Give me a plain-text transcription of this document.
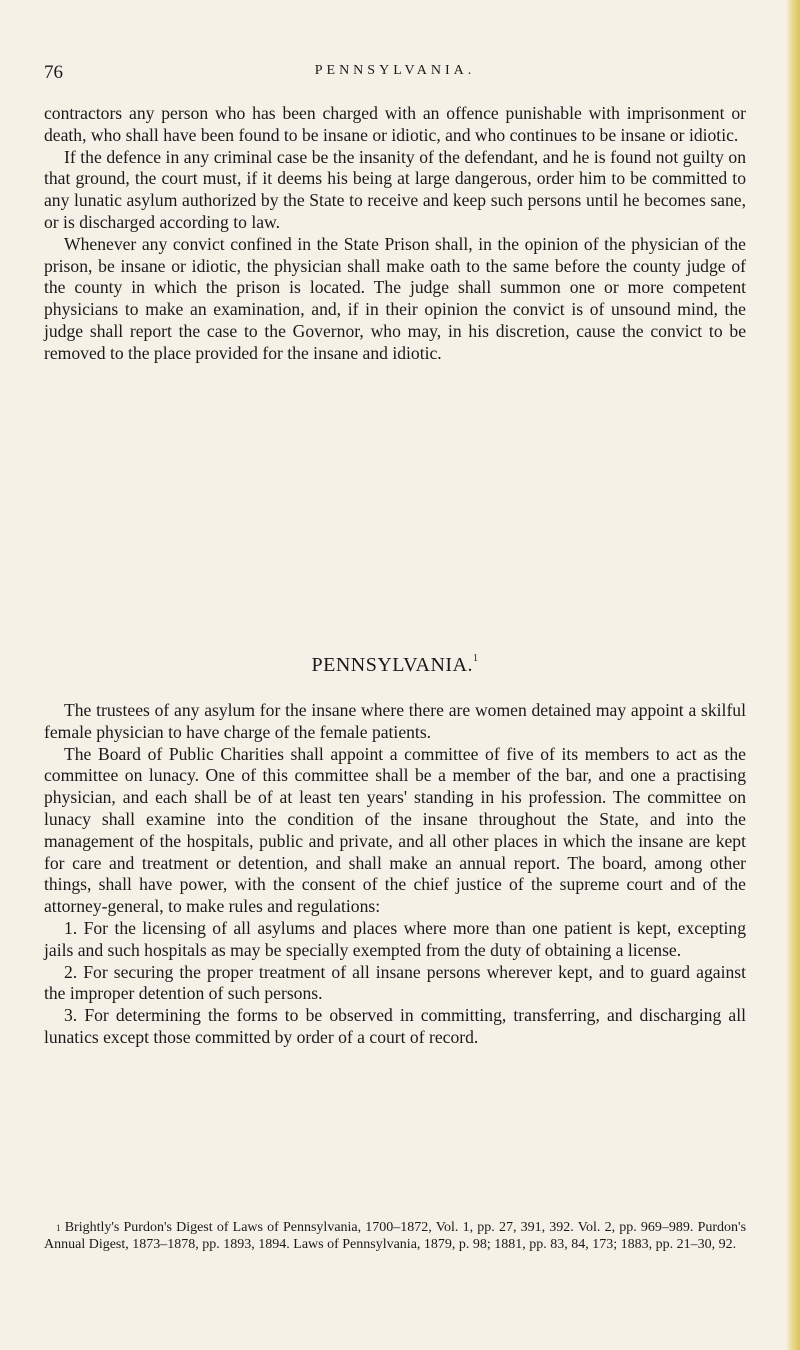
76	PENNSYLVANIA.

contractors any person who has been charged with an offence punishable with imprisonment or death, who shall have been found to be insane or idiotic, and who continues to be insane or idiotic.

If the defence in any criminal case be the insanity of the defendant, and he is found not guilty on that ground, the court must, if it deems his being at large dangerous, order him to be committed to any lunatic asylum authorized by the State to receive and keep such persons until he becomes sane, or is discharged according to law.

Whenever any convict confined in the State Prison shall, in the opinion of the physician of the prison, be insane or idiotic, the physician shall make oath to the same before the county judge of the county in which the prison is located. The judge shall summon one or more competent physicians to make an examination, and, if in their opinion the convict is of unsound mind, the judge shall report the case to the Governor, who may, in his discretion, cause the convict to be removed to the place provided for the insane and idiotic.

PENNSYLVANIA.$^1$

The trustees of any asylum for the insane where there are women detained may appoint a skilful female physician to have charge of the female patients.

The Board of Public Charities shall appoint a committee of five of its members to act as the committee on lunacy. One of this committee shall be a member of the bar, and one a practising physician, and each shall be of at least ten years' standing in his profession. The committee on lunacy shall examine into the condition of the insane throughout the State, and into the management of the hospitals, public and private, and all other places in which the insane are kept for care and treatment or detention, and shall make an annual report. The board, among other things, shall have power, with the consent of the chief justice of the supreme court and of the attorney-general, to make rules and regulations:

1. For the licensing of all asylums and places where more than one patient is kept, excepting jails and such hospitals as may be specially exempted from the duty of obtaining a license.

2. For securing the proper treatment of all insane persons wherever kept, and to guard against the improper detention of such persons.

3. For determining the forms to be observed in committing, transferring, and discharging all lunatics except those committed by order of a court of record.

$^1$ Brightly's Purdon's Digest of Laws of Pennsylvania, 1700–1872, Vol. 1, pp. 27, 391, 392. Vol. 2, pp. 969–989. Purdon's Annual Digest, 1873–1878, pp. 1893, 1894. Laws of Pennsylvania, 1879, p. 98; 1881, pp. 83, 84, 173; 1883, pp. 21–30, 92.
